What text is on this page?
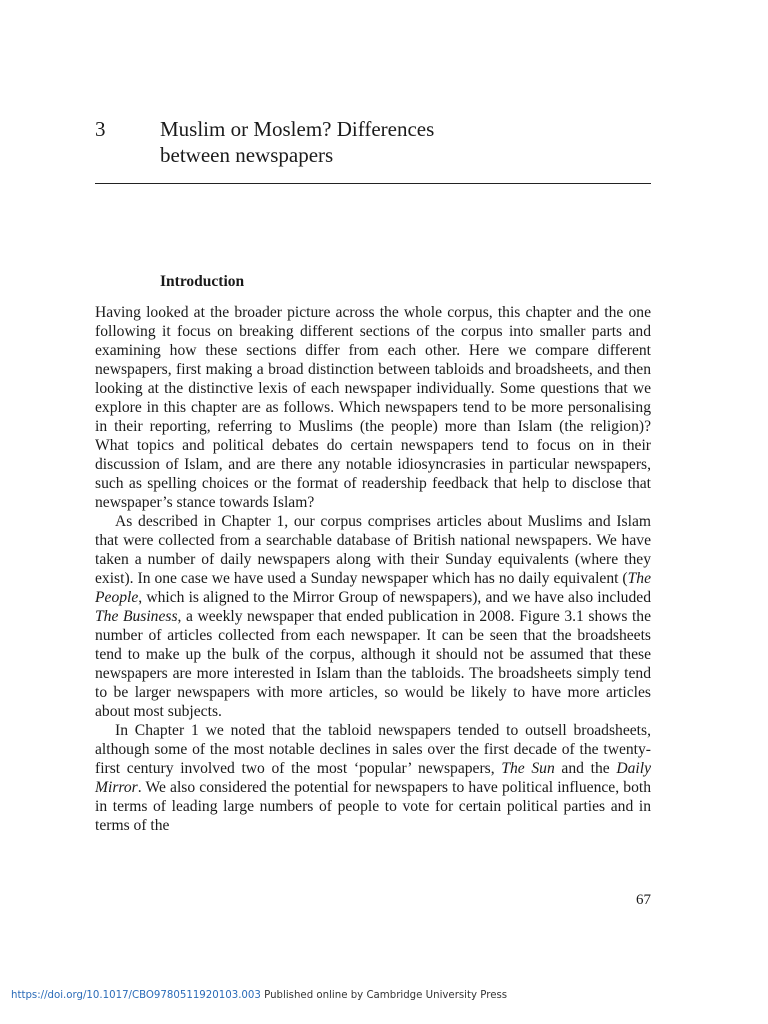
3	Muslim or Moslem? Differences
between newspapers
Introduction

Having looked at the broader picture across the whole corpus, this chapter and the one following it focus on breaking different sections of the corpus into smaller parts and examining how these sections differ from each other. Here we compare different newspapers, first making a broad distinction between tabloids and broadsheets, and then looking at the distinctive lexis of each newspaper individually. Some questions that we explore in this chapter are as follows. Which newspapers tend to be more personalising in their reporting, referring to Muslims (the people) more than Islam (the religion)? What topics and political debates do certain newspapers tend to focus on in their discussion of Islam, and are there any notable idiosyncrasies in particular newspapers, such as spelling choices or the format of readership feedback that help to disclose that newspaper’s stance towards Islam?

As described in Chapter 1, our corpus comprises articles about Muslims and Islam that were collected from a searchable database of British national newspapers. We have taken a number of daily newspapers along with their Sunday equivalents (where they exist). In one case we have used a Sunday newspaper which has no daily equivalent (The People, which is aligned to the Mirror Group of newspapers), and we have also included The Business, a weekly newspaper that ended publication in 2008. Figure 3.1 shows the number of articles collected from each newspaper. It can be seen that the broadsheets tend to make up the bulk of the corpus, although it should not be assumed that these newspapers are more interested in Islam than the tabloids. The broadsheets simply tend to be larger newspapers with more articles, so would be likely to have more articles about most subjects.

In Chapter 1 we noted that the tabloid newspapers tended to outsell broadsheets, although some of the most notable declines in sales over the first decade of the twenty-first century involved two of the most ‘popular’ newspapers, The Sun and the Daily Mirror. We also considered the potential for newspapers to have political influence, both in terms of leading large numbers of people to vote for certain political parties and in terms of the

67
https://doi.org/10.1017/CBO9780511920103.003 Published online by Cambridge University Press
